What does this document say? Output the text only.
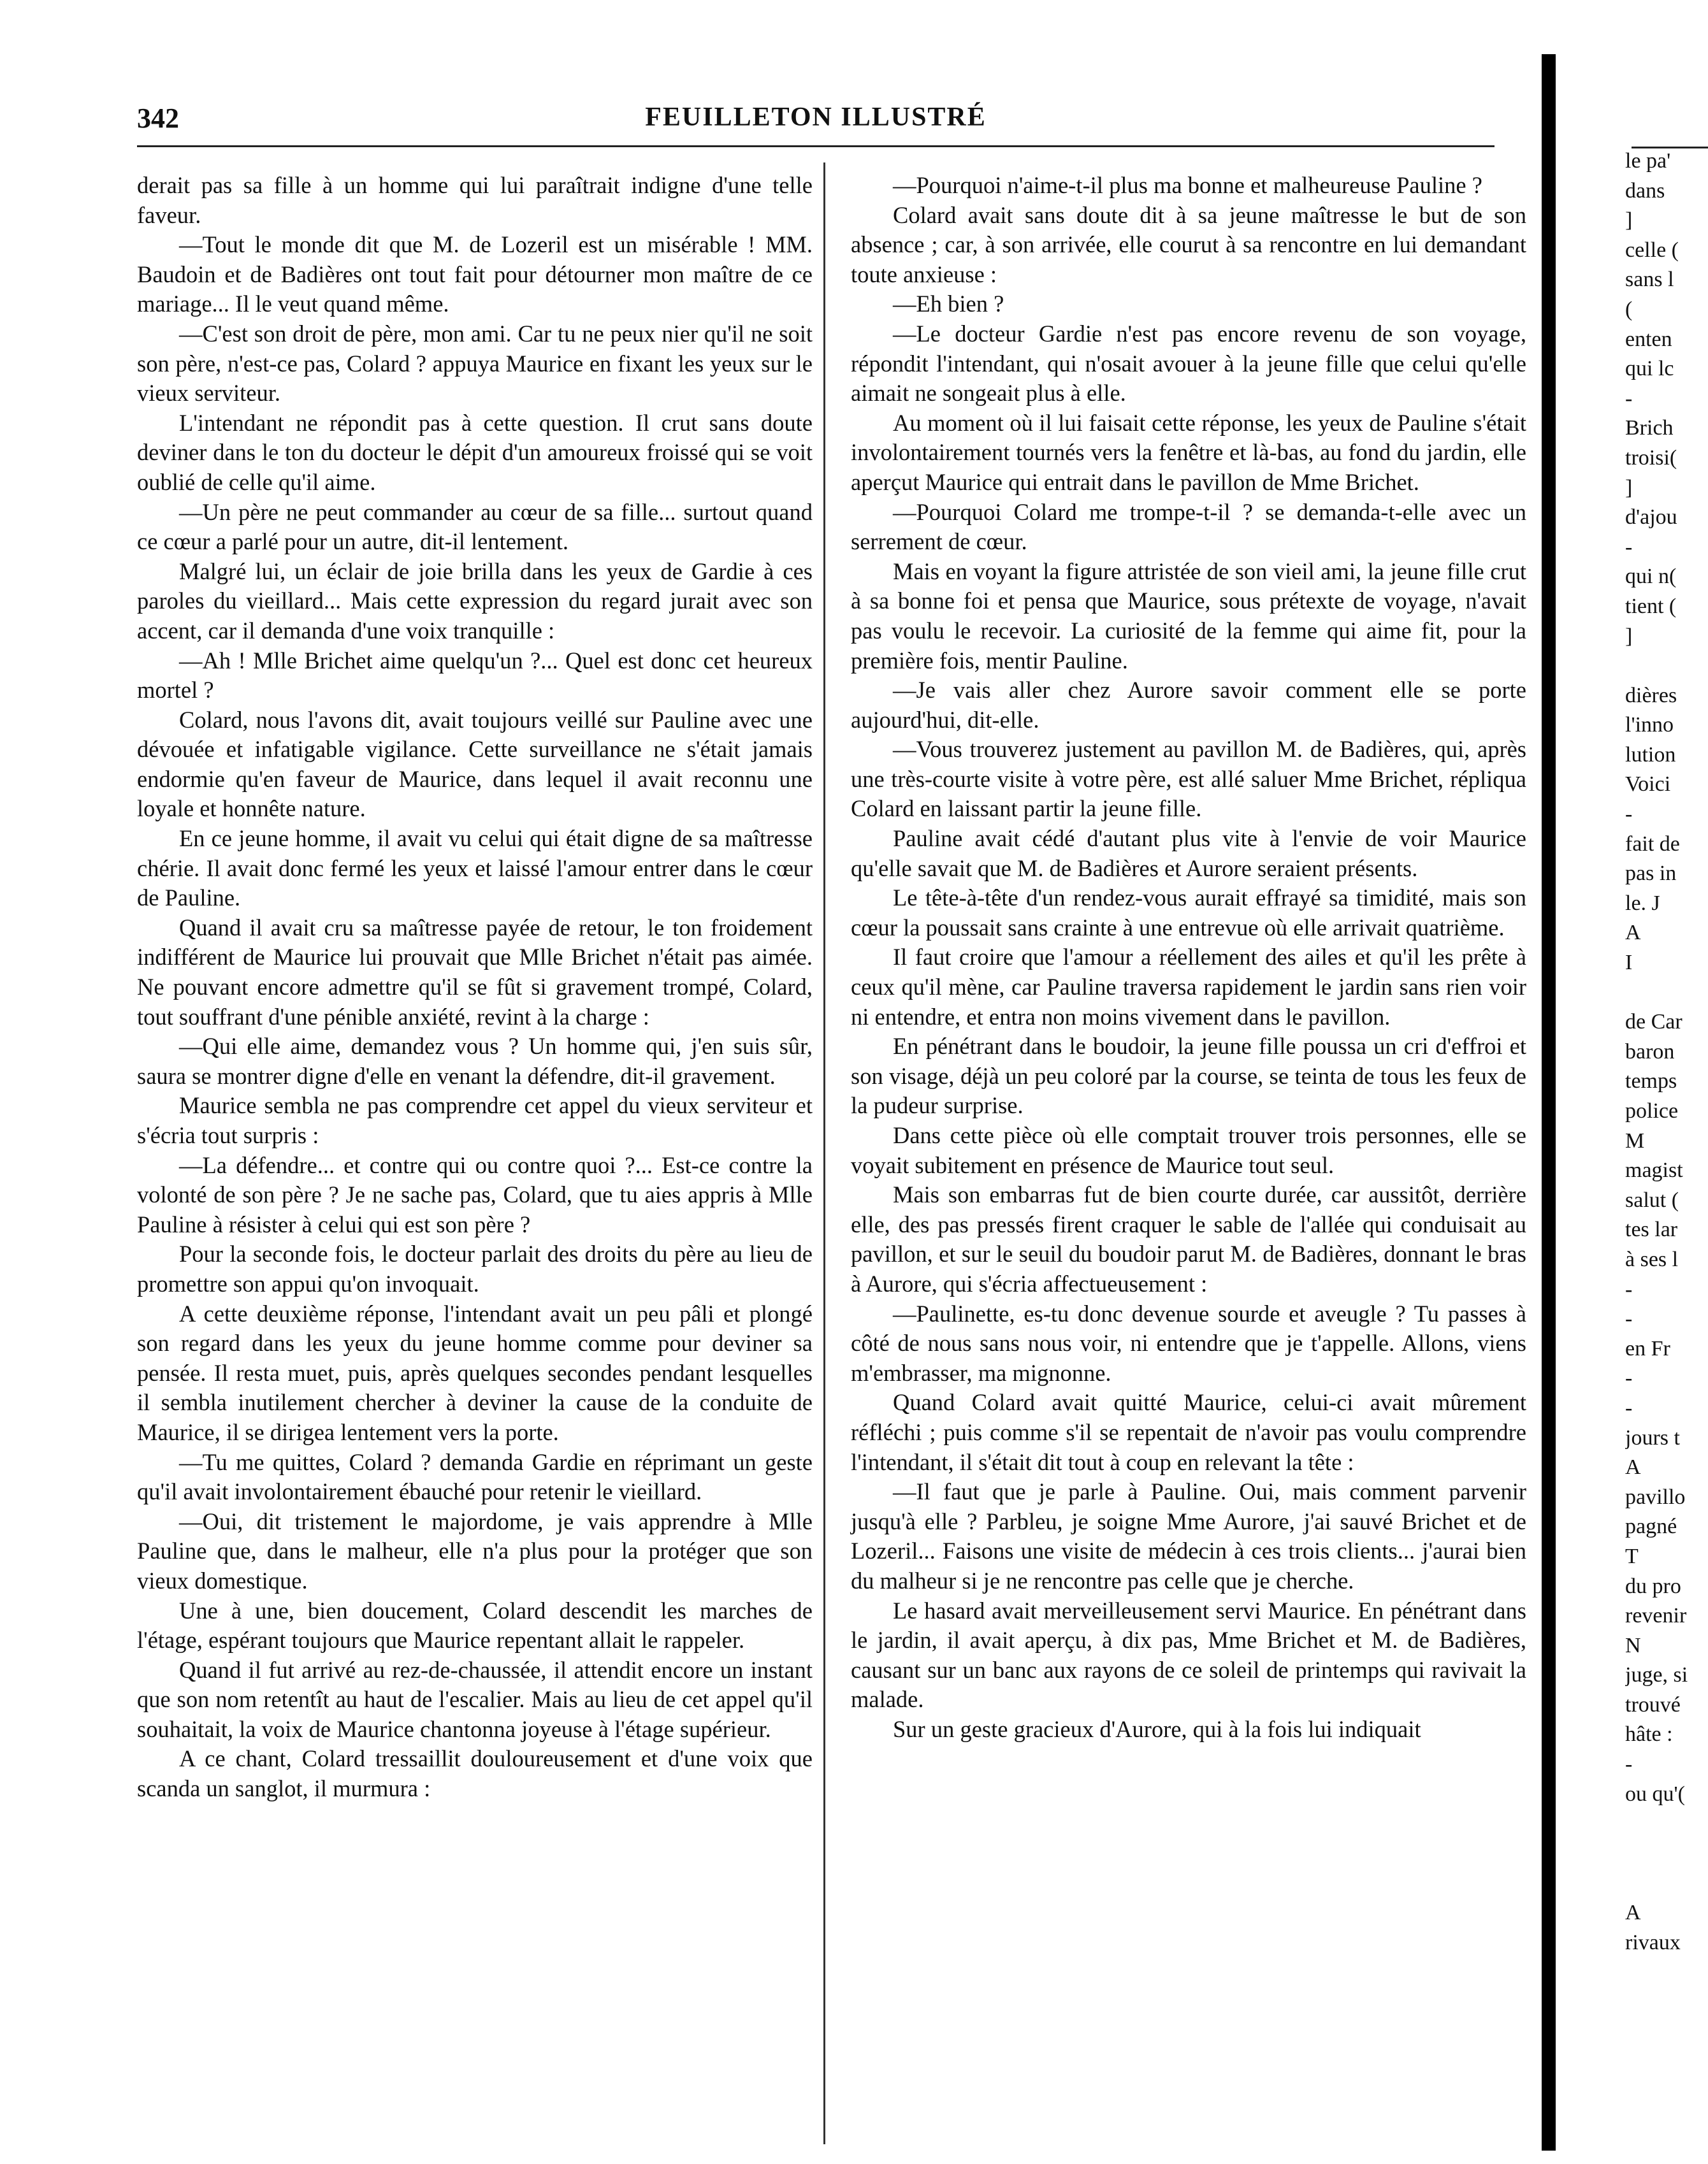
342	FEUILLETON ILLUSTRÉ

derait pas sa fille à un homme qui lui paraîtrait indigne d'une telle faveur.

—Tout le monde dit que M. de Lozeril est un misérable ! MM. Baudoin et de Badières ont tout fait pour détourner mon maître de ce mariage... Il le veut quand même.

—C'est son droit de père, mon ami. Car tu ne peux nier qu'il ne soit son père, n'est-ce pas, Colard ? appuya Maurice en fixant les yeux sur le vieux serviteur.

L'intendant ne répondit pas à cette question. Il crut sans doute deviner dans le ton du docteur le dépit d'un amoureux froissé qui se voit oublié de celle qu'il aime.

—Un père ne peut commander au cœur de sa fille... surtout quand ce cœur a parlé pour un autre, dit-il lentement.

Malgré lui, un éclair de joie brilla dans les yeux de Gardie à ces paroles du vieillard... Mais cette expression du regard jurait avec son accent, car il demanda d'une voix tranquille :

—Ah ! Mlle Brichet aime quelqu'un ?... Quel est donc cet heureux mortel ?

Colard, nous l'avons dit, avait toujours veillé sur Pauline avec une dévouée et infatigable vigilance. Cette surveillance ne s'était jamais endormie qu'en faveur de Maurice, dans lequel il avait reconnu une loyale et honnête nature.

En ce jeune homme, il avait vu celui qui était digne de sa maîtresse chérie. Il avait donc fermé les yeux et laissé l'amour entrer dans le cœur de Pauline.

Quand il avait cru sa maîtresse payée de retour, le ton froidement indifférent de Maurice lui prouvait que Mlle Brichet n'était pas aimée. Ne pouvant encore admettre qu'il se fût si gravement trompé, Colard, tout souffrant d'une pénible anxiété, revint à la charge :

—Qui elle aime, demandez vous ? Un homme qui, j'en suis sûr, saura se montrer digne d'elle en venant la défendre, dit-il gravement.

Maurice sembla ne pas comprendre cet appel du vieux serviteur et s'écria tout surpris :

—La défendre... et contre qui ou contre quoi ?... Est-ce contre la volonté de son père ? Je ne sache pas, Colard, que tu aies appris à Mlle Pauline à résister à celui qui est son père ?

Pour la seconde fois, le docteur parlait des droits du père au lieu de promettre son appui qu'on invoquait.

A cette deuxième réponse, l'intendant avait un peu pâli et plongé son regard dans les yeux du jeune homme comme pour deviner sa pensée. Il resta muet, puis, après quelques secondes pendant lesquelles il sembla inutilement chercher à deviner la cause de la conduite de Maurice, il se dirigea lentement vers la porte.

—Tu me quittes, Colard ? demanda Gardie en réprimant un geste qu'il avait involontairement ébauché pour retenir le vieillard.

—Oui, dit tristement le majordome, je vais apprendre à Mlle Pauline que, dans le malheur, elle n'a plus pour la protéger que son vieux domestique.

Une à une, bien doucement, Colard descendit les marches de l'étage, espérant toujours que Maurice repentant allait le rappeler.

Quand il fut arrivé au rez-de-chaussée, il attendit encore un instant que son nom retentît au haut de l'escalier. Mais au lieu de cet appel qu'il souhaitait, la voix de Maurice chantonna joyeuse à l'étage supérieur.

A ce chant, Colard tressaillit douloureusement et d'une voix que scanda un sanglot, il murmura :

—Pourquoi n'aime-t-il plus ma bonne et malheureuse Pauline ?

Colard avait sans doute dit à sa jeune maîtresse le but de son absence ; car, à son arrivée, elle courut à sa rencontre en lui demandant toute anxieuse :

—Eh bien ?

—Le docteur Gardie n'est pas encore revenu de son voyage, répondit l'intendant, qui n'osait avouer à la jeune fille que celui qu'elle aimait ne songeait plus à elle.

Au moment où il lui faisait cette réponse, les yeux de Pauline s'était involontairement tournés vers la fenêtre et là-bas, au fond du jardin, elle aperçut Maurice qui entrait dans le pavillon de Mme Brichet.

—Pourquoi Colard me trompe-t-il ? se demanda-t-elle avec un serrement de cœur.

Mais en voyant la figure attristée de son vieil ami, la jeune fille crut à sa bonne foi et pensa que Maurice, sous prétexte de voyage, n'avait pas voulu le recevoir. La curiosité de la femme qui aime fit, pour la première fois, mentir Pauline.

—Je vais aller chez Aurore savoir comment elle se porte aujourd'hui, dit-elle.

—Vous trouverez justement au pavillon M. de Badières, qui, après une très-courte visite à votre père, est allé saluer Mme Brichet, répliqua Colard en laissant partir la jeune fille.

Pauline avait cédé d'autant plus vite à l'envie de voir Maurice qu'elle savait que M. de Badières et Aurore seraient présents.

Le tête-à-tête d'un rendez-vous aurait effrayé sa timidité, mais son cœur la poussait sans crainte à une entrevue où elle arrivait quatrième.

Il faut croire que l'amour a réellement des ailes et qu'il les prête à ceux qu'il mène, car Pauline traversa rapidement le jardin sans rien voir ni entendre, et entra non moins vivement dans le pavillon.

En pénétrant dans le boudoir, la jeune fille poussa un cri d'effroi et son visage, déjà un peu coloré par la course, se teinta de tous les feux de la pudeur surprise.

Dans cette pièce où elle comptait trouver trois personnes, elle se voyait subitement en présence de Maurice tout seul.

Mais son embarras fut de bien courte durée, car aussitôt, derrière elle, des pas pressés firent craquer le sable de l'allée qui conduisait au pavillon, et sur le seuil du boudoir parut M. de Badières, donnant le bras à Aurore, qui s'écria affectueusement :

—Paulinette, es-tu donc devenue sourde et aveugle ? Tu passes à côté de nous sans nous voir, ni entendre que je t'appelle. Allons, viens m'embrasser, ma mignonne.

Quand Colard avait quitté Maurice, celui-ci avait mûrement réfléchi ; puis comme s'il se repentait de n'avoir pas voulu comprendre l'intendant, il s'était dit tout à coup en relevant la tête :

—Il faut que je parle à Pauline. Oui, mais comment parvenir jusqu'à elle ? Parbleu, je soigne Mme Aurore, j'ai sauvé Brichet et de Lozeril... Faisons une visite de médecin à ces trois clients... j'aurai bien du malheur si je ne rencontre pas celle que je cherche.

Le hasard avait merveilleusement servi Maurice. En pénétrant dans le jardin, il avait aperçu, à dix pas, Mme Brichet et M. de Badières, causant sur un banc aux rayons de ce soleil de printemps qui ravivait la malade.

Sur un geste gracieux d'Aurore, qui à la fois lui indiquait

le pa'
dans
]
celle (
sans l
(
enten
qui lc
-
Brich
troisi(
]
d'ajou
-
qui n(
tient (
]
dières
l'inno
lution
Voici
-
fait de
pas in
le. J
A
I
de Car
baron
temps
police
M
magist
salut (
tes lar
à ses l
-
-
en Fr
-
-
jours t
A
pavillo
pagné
T
du pro
revenir
N
juge, si
trouvé
hâte :
-
ou qu'(
A
rivaux
